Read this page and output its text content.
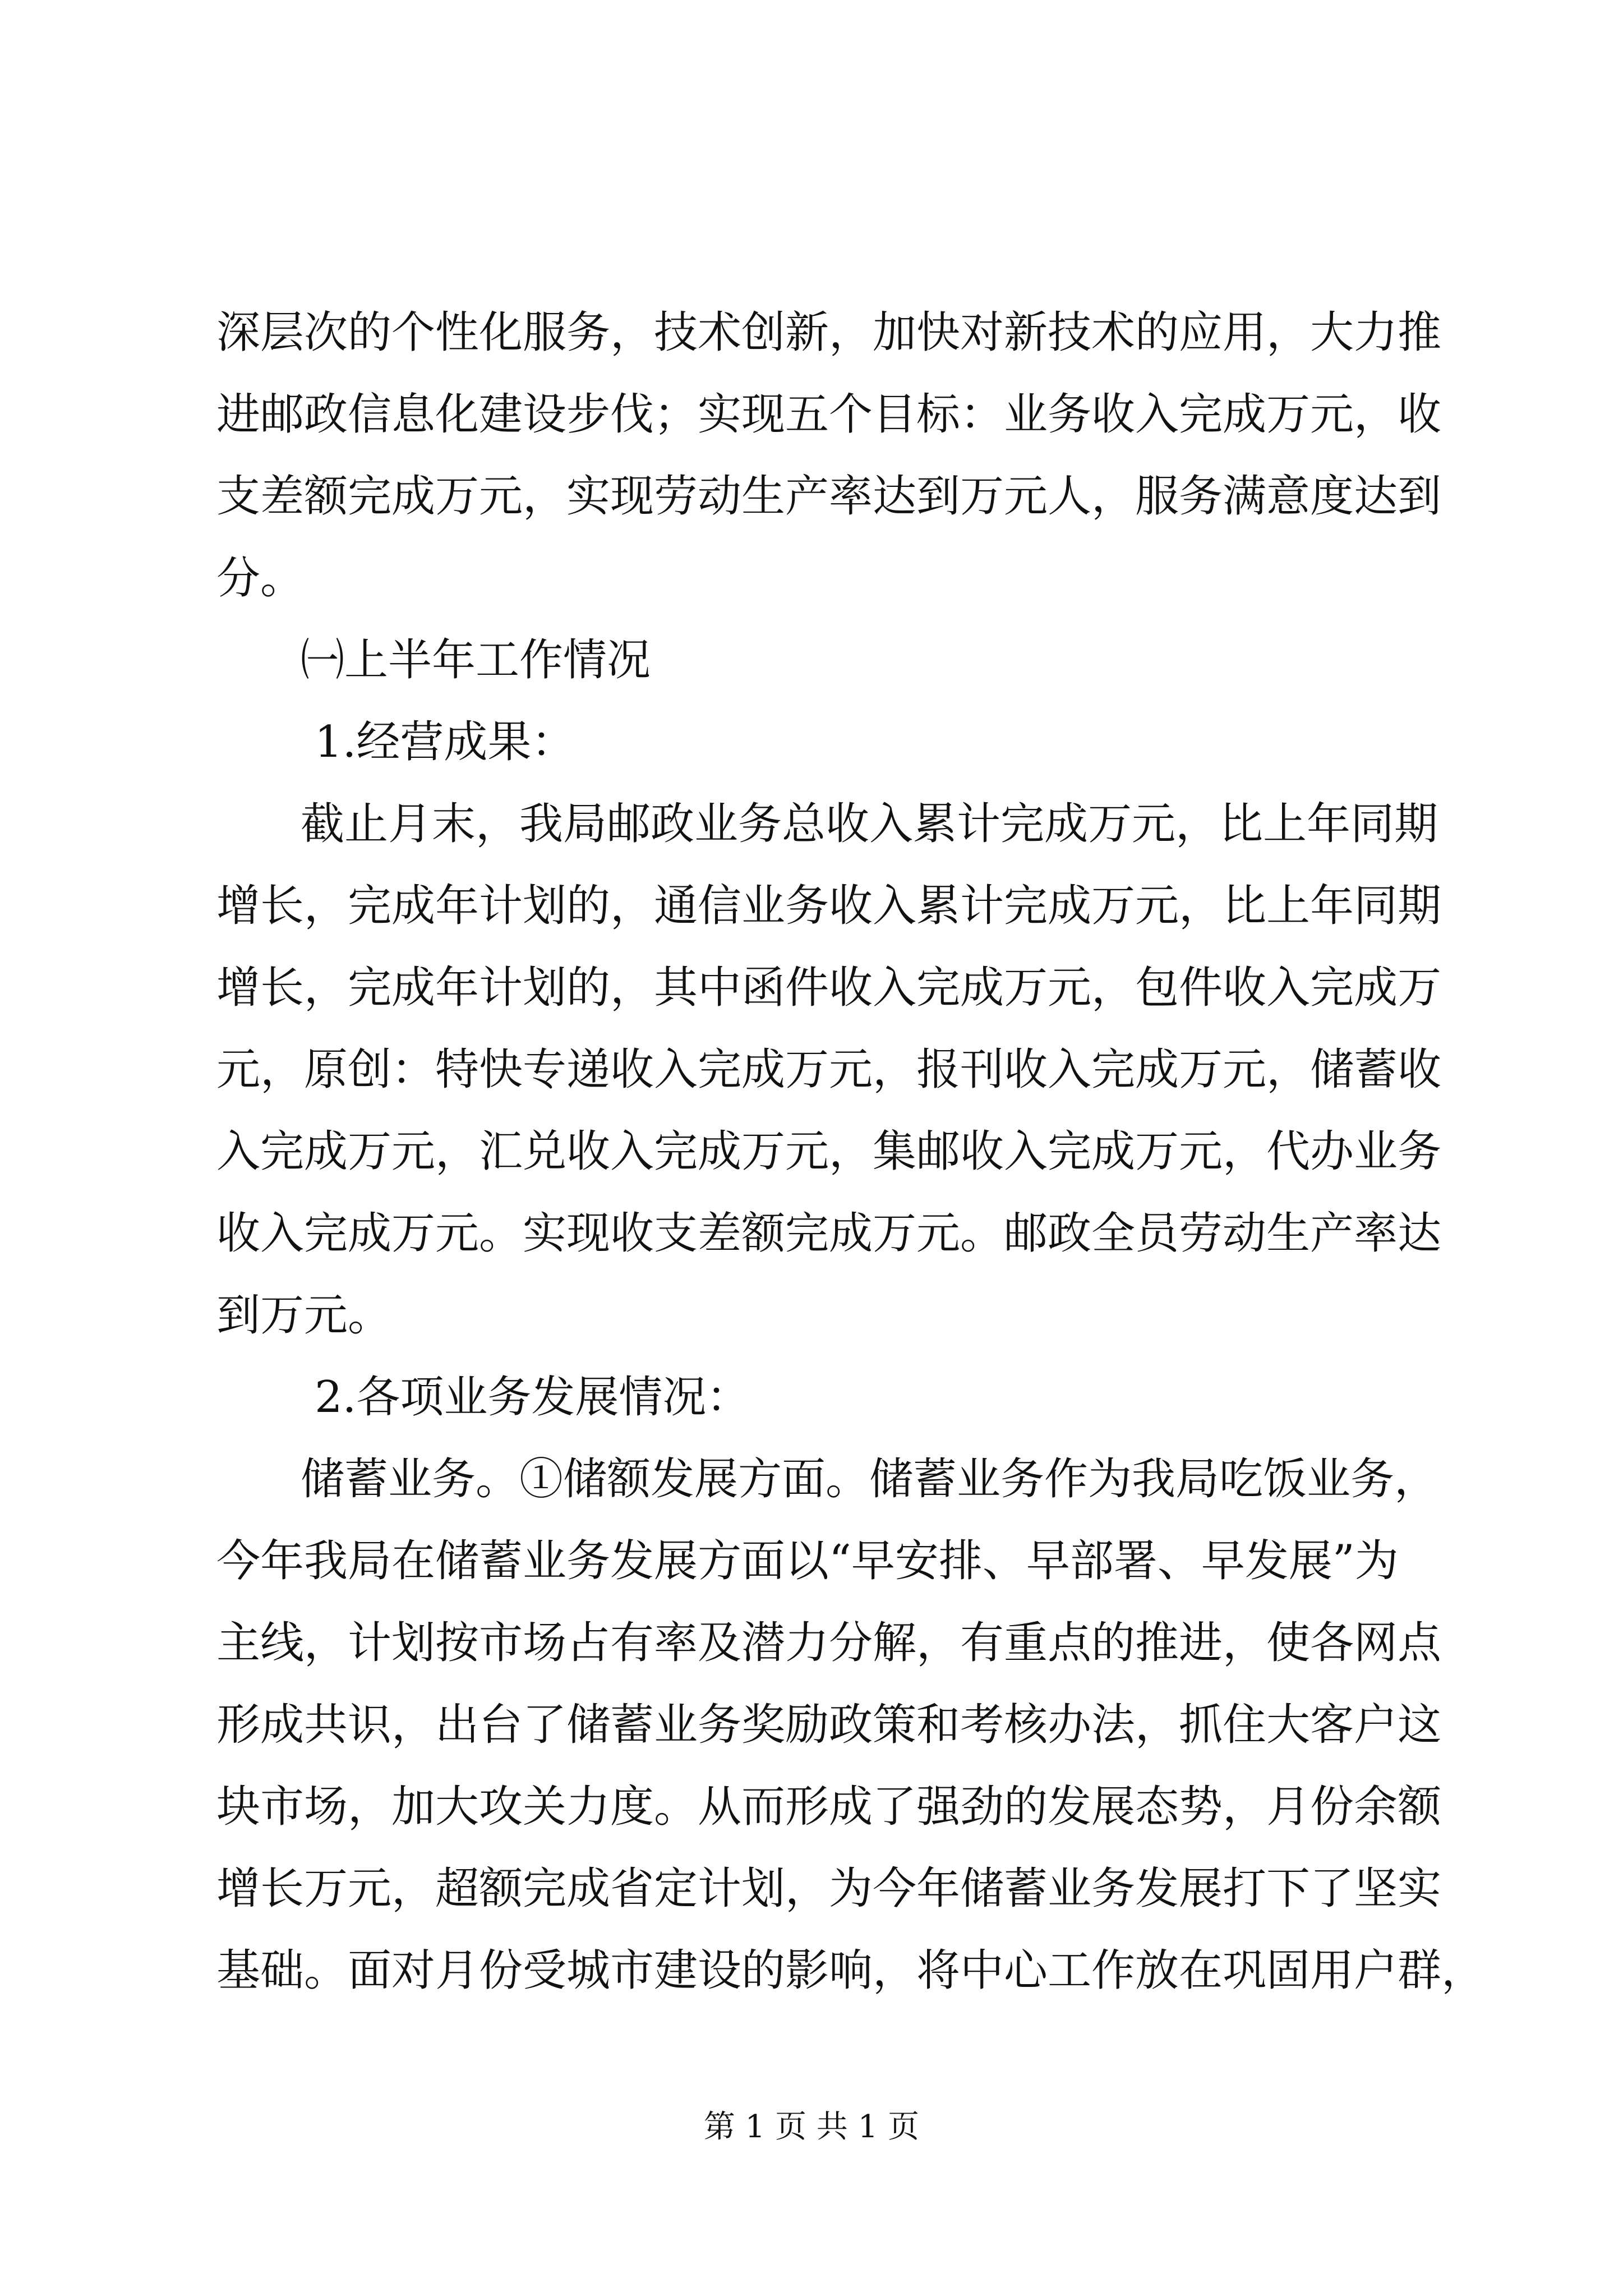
深层次的个性化服务，技术创新，加快对新技术的应用，大力推

进邮政信息化建设步伐；实现五个目标：业务收入完成万元，收

支差额完成万元，实现劳动生产率达到万元人，服务满意度达到

分。

㈠上半年工作情况

1.经营成果：

截止月末，我局邮政业务总收入累计完成万元，比上年同期

增长，完成年计划的，通信业务收入累计完成万元，比上年同期

增长，完成年计划的，其中函件收入完成万元，包件收入完成万

元，原创：特快专递收入完成万元，报刊收入完成万元，储蓄收

入完成万元，汇兑收入完成万元，集邮收入完成万元，代办业务

收入完成万元。实现收支差额完成万元。邮政全员劳动生产率达

到万元。

2.各项业务发展情况：

储蓄业务。①储额发展方面。储蓄业务作为我局吃饭业务，

今年我局在储蓄业务发展方面以“早安排、早部署、早发展”为

主线，计划按市场占有率及潜力分解，有重点的推进，使各网点

形成共识，出台了储蓄业务奖励政策和考核办法，抓住大客户这

块市场，加大攻关力度。从而形成了强劲的发展态势，月份余额

增长万元，超额完成省定计划，为今年储蓄业务发展打下了坚实

基础。面对月份受城市建设的影响，将中心工作放在巩固用户群，

第 1 页 共 1 页
